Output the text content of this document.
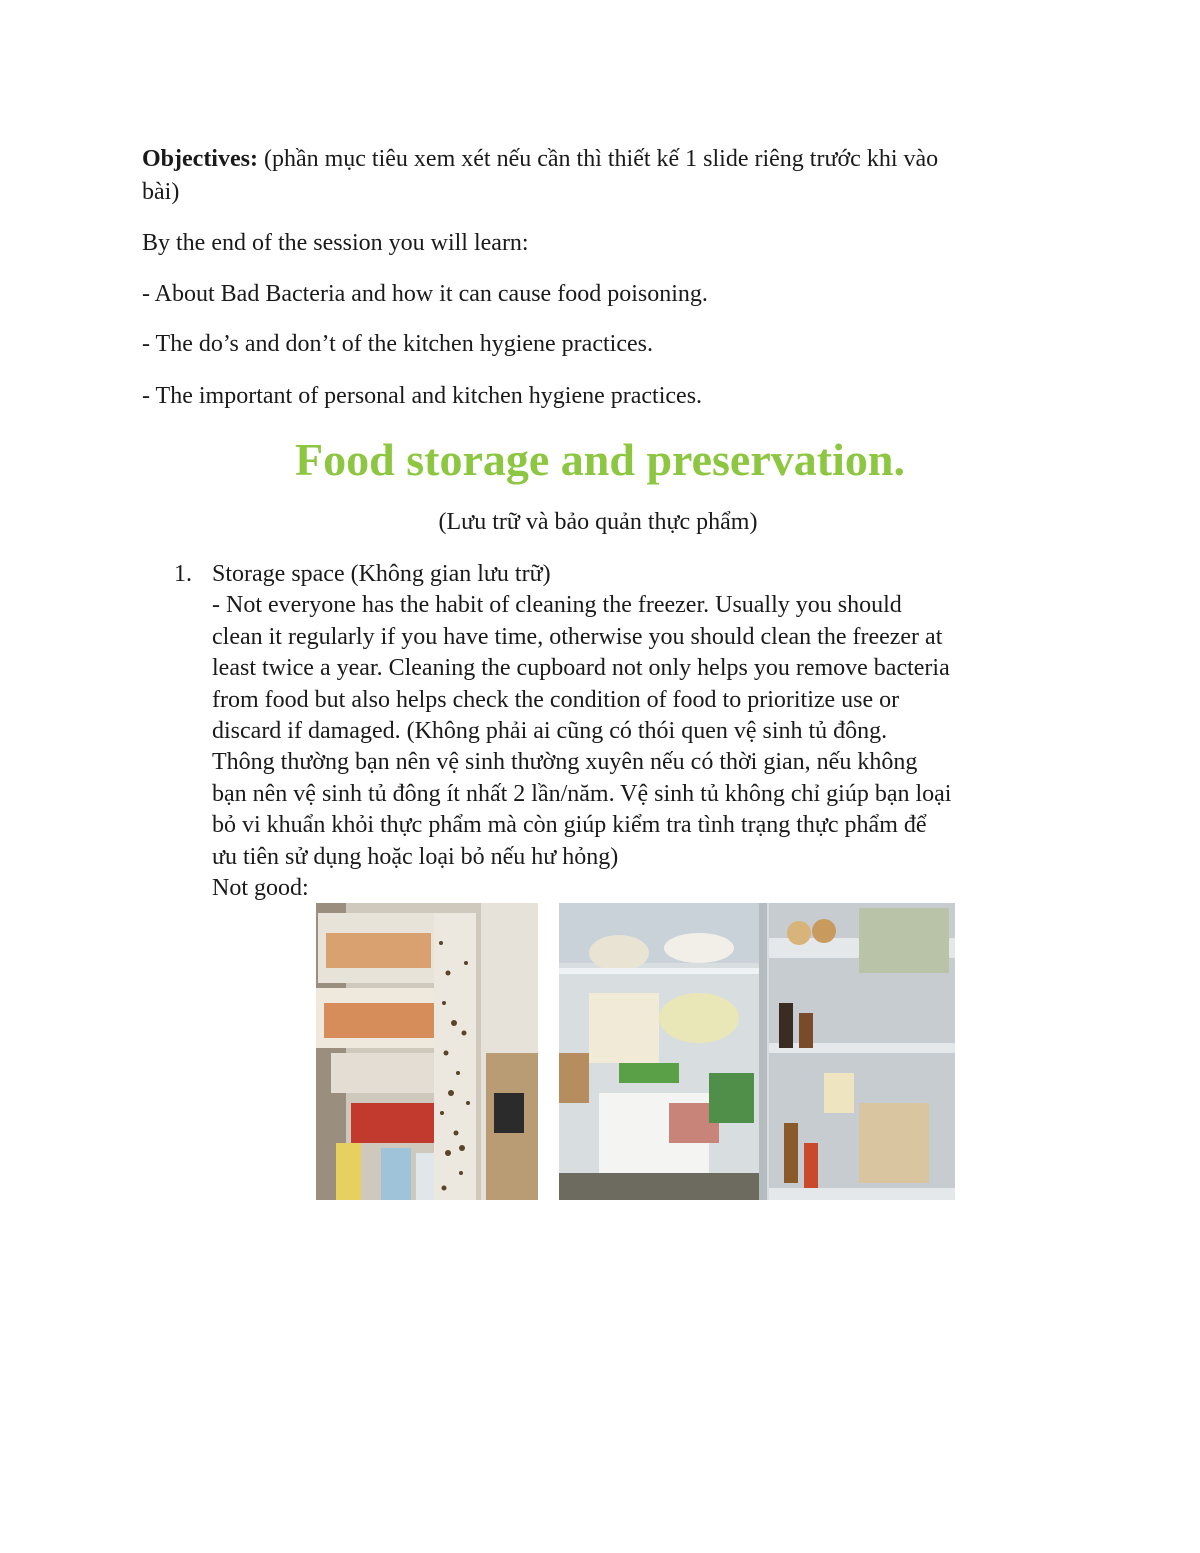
Objectives: (phần mục tiêu xem xét nếu cần thì thiết kế 1 slide riêng trước khi vào
bài)
By the end of the session you will learn:
- About Bad Bacteria and how it can cause food poisoning.
- The do’s and don’t of the kitchen hygiene practices.
- The important of personal and kitchen hygiene practices.
Food storage and preservation.
(Lưu trữ và bảo quản thực phẩm)
1. Storage space (Không gian lưu trữ)
- Not everyone has the habit of cleaning the freezer. Usually you should
clean it regularly if you have time, otherwise you should clean the freezer at
least twice a year. Cleaning the cupboard not only helps you remove bacteria
from food but also helps check the condition of food to prioritize use or
discard if damaged. (Không phải ai cũng có thói quen vệ sinh tủ đông.
Thông thường bạn nên vệ sinh thường xuyên nếu có thời gian, nếu không
bạn nên vệ sinh tủ đông ít nhất 2 lần/năm. Vệ sinh tủ không chỉ giúp bạn loại
bỏ vi khuẩn khỏi thực phẩm mà còn giúp kiểm tra tình trạng thực phẩm để
ưu tiên sử dụng hoặc loại bỏ nếu hư hỏng)
Not good:
